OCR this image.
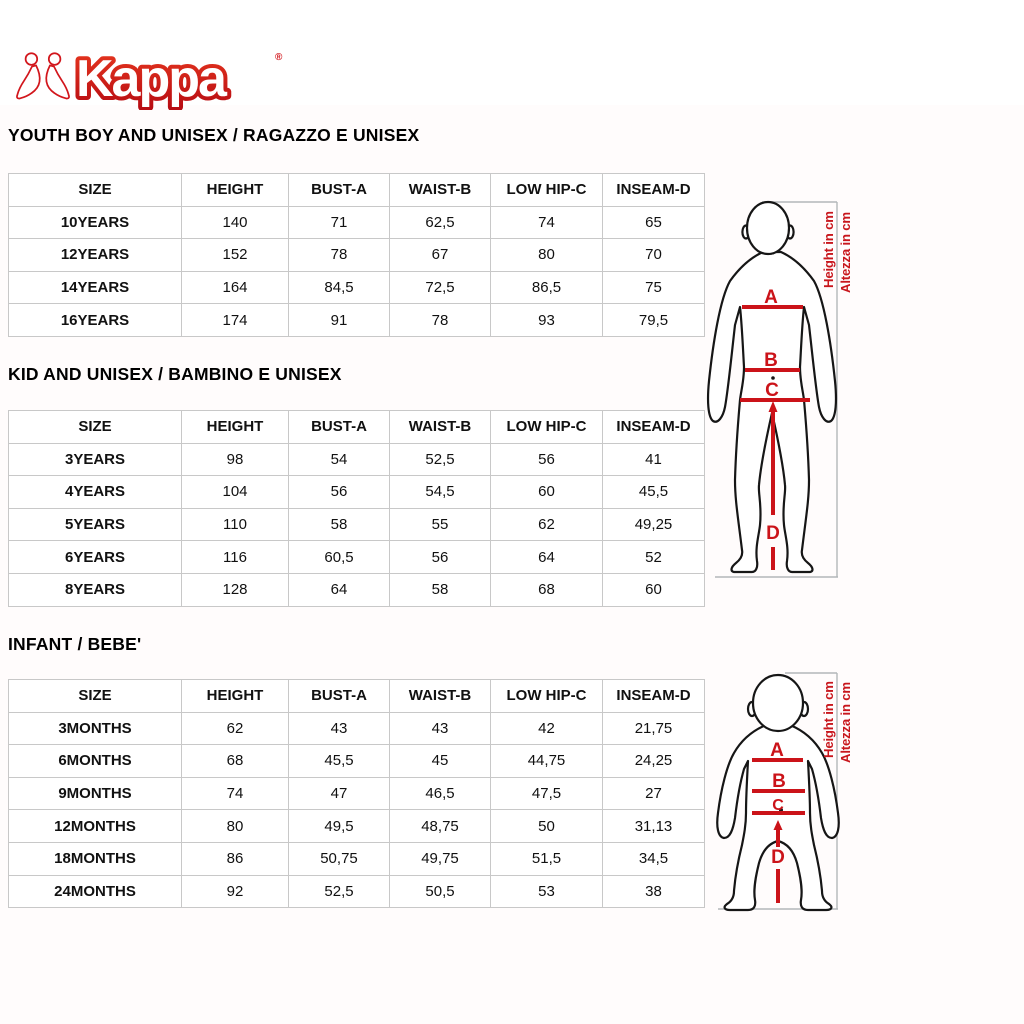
Kappa	®
YOUTH BOY AND UNISEX / RAGAZZO E UNISEX
KID AND UNISEX / BAMBINO E UNISEX
INFANT / BEBE'
SIZE	HEIGHT	BUST-A	WAIST-B	LOW HIP-C	INSEAM-D
10YEARS	140	71	62,5	74	65
12YEARS	152	78	67	80	70
14YEARS	164	84,5	72,5	86,5	75
16YEARS	174	91	78	93	79,5
SIZE	HEIGHT	BUST-A	WAIST-B	LOW HIP-C	INSEAM-D
3YEARS	98	54	52,5	56	41
4YEARS	104	56	54,5	60	45,5
5YEARS	110	58	55	62	49,25
6YEARS	116	60,5	56	64	52
8YEARS	128	64	58	68	60
SIZE	HEIGHT	BUST-A	WAIST-B	LOW HIP-C	INSEAM-D
3MONTHS	62	43	43	42	21,75
6MONTHS	68	45,5	45	44,75	24,25
9MONTHS	74	47	46,5	47,5	27
12MONTHS	80	49,5	48,75	50	31,13
18MONTHS	86	50,75	49,75	51,5	34,5
24MONTHS	92	52,5	50,5	53	38
A
B
C
D
Height in cm Altezza in cm
A
B
C
D
Height in cm Altezza in cm
